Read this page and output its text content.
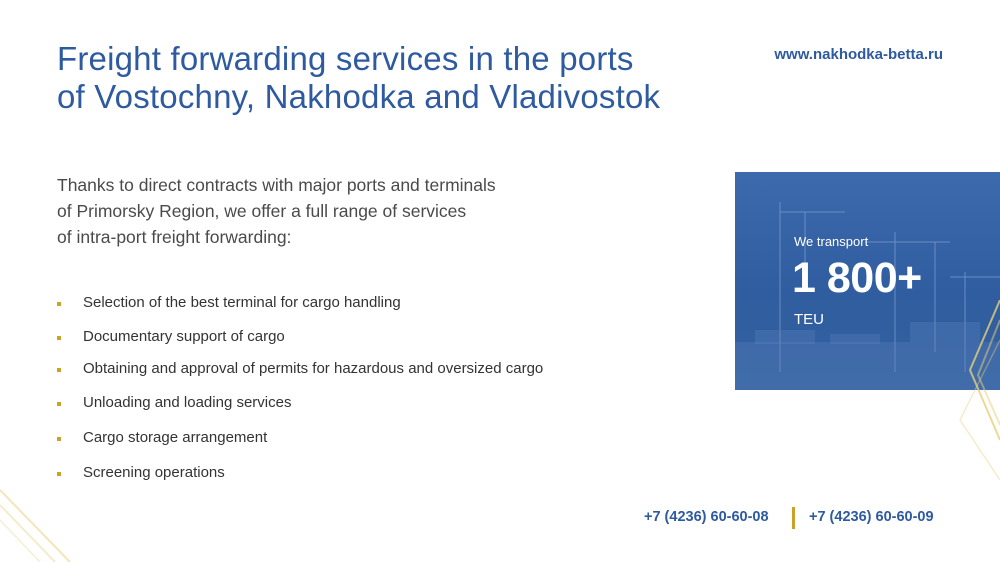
Freight forwarding services in the ports
of Vostochny, Nakhodka and Vladivostok
www.nakhodka-betta.ru
Thanks to direct contracts with major ports and terminals
of Primorsky Region, we offer a full range of services
of intra-port freight forwarding:
Selection of the best terminal for cargo handling
Documentary support of cargo
Obtaining and approval of permits for hazardous and oversized cargo
Unloading and loading services
Cargo storage arrangement
Screening operations
We transport
1 800+
TEU
+7 (4236) 60-60-08	+7 (4236) 60-60-09
